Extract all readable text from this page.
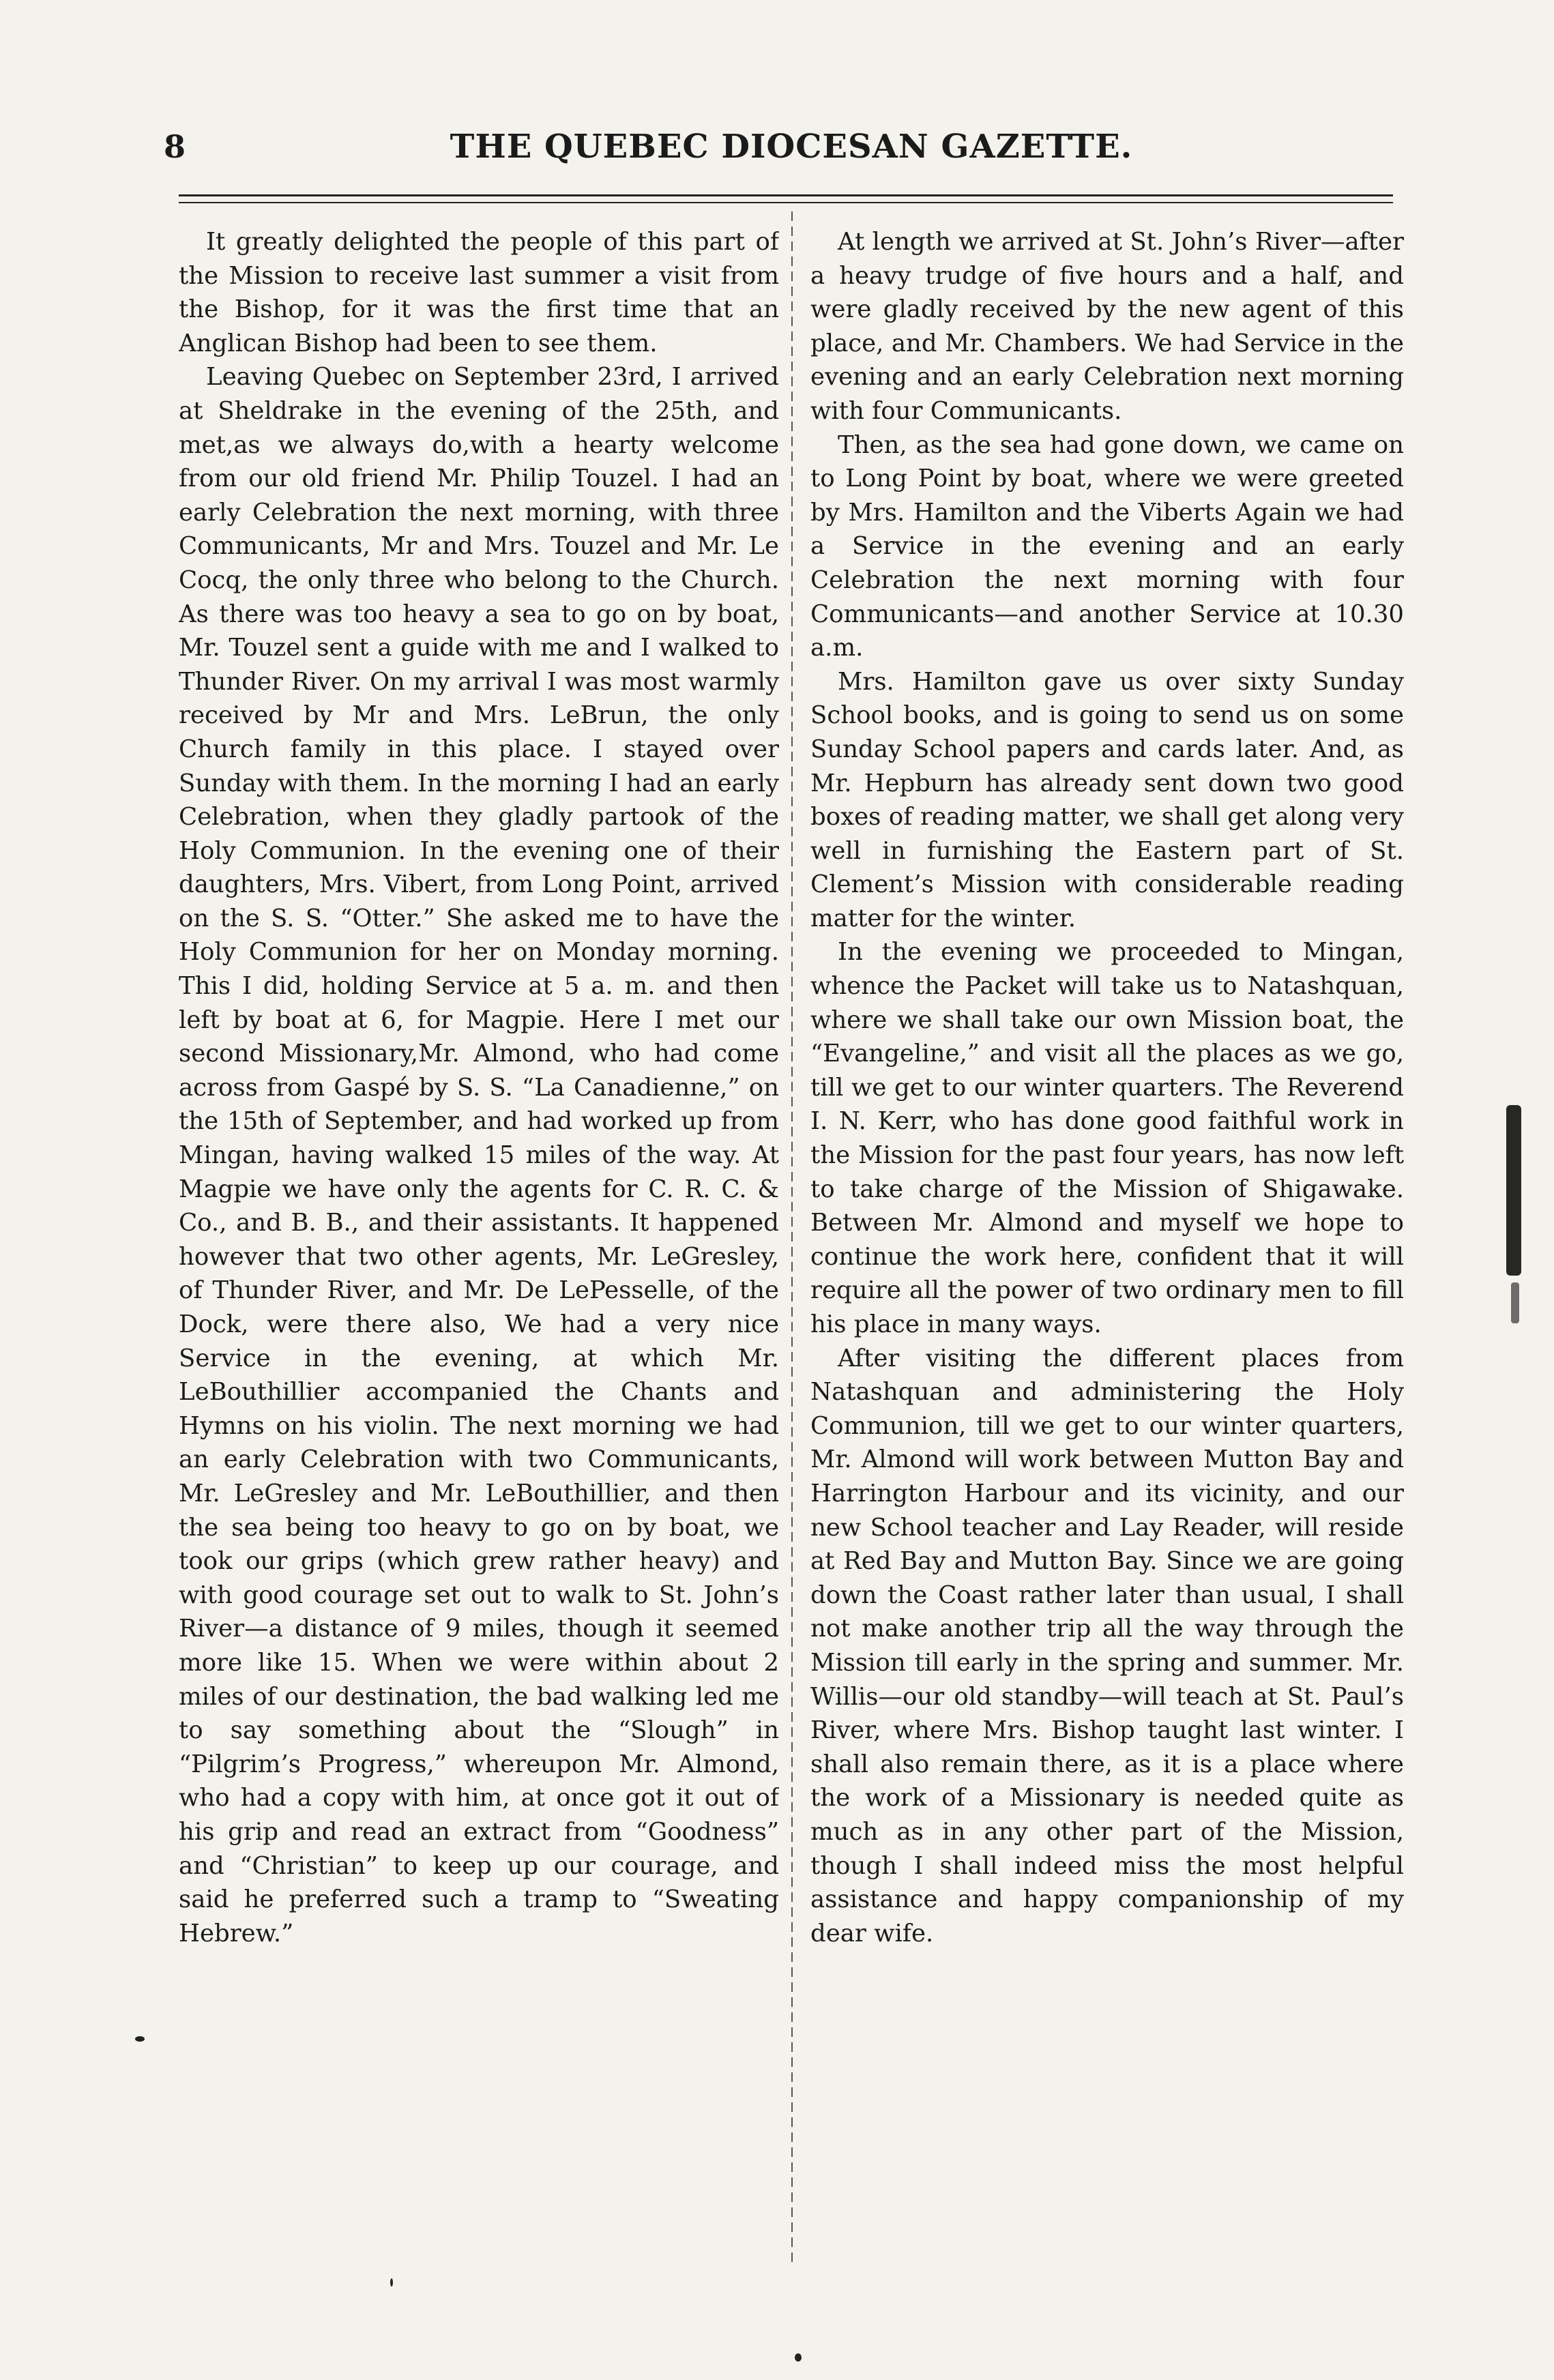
8	THE QUEBEC DIOCESAN GAZETTE.

It greatly delighted the people of this part of the Mission to receive last summer a visit from the Bishop, for it was the first time that an Anglican Bishop had been to see them.

Leaving Quebec on September 23rd, I arrived at Sheldrake in the evening of the 25th, and met,as we always do,with a hearty welcome from our old friend Mr. Philip Touzel. I had an early Celebration the next morning, with three Communicants, Mr and Mrs. Touzel and Mr. Le Cocq, the only three who belong to the Church. As there was too heavy a sea to go on by boat, Mr. Touzel sent a guide with me and I walked to Thunder River. On my arrival I was most warmly received by Mr and Mrs. LeBrun, the only Church family in this place. I stayed over Sunday with them. In the morning I had an early Celebration, when they gladly partook of the Holy Communion. In the evening one of their daughters, Mrs. Vibert, from Long Point, arrived on the S. S. “Otter.” She asked me to have the Holy Communion for her on Monday morning. This I did, holding Service at 5 a. m. and then left by boat at 6, for Magpie. Here I met our second Missionary,Mr. Almond, who had come across from Gaspé by S. S. “La Canadienne,” on the 15th of September, and had worked up from Mingan, having walked 15 miles of the way. At Magpie we have only the agents for C. R. C. & Co., and B. B., and their assistants. It happened however that two other agents, Mr. LeGresley, of Thunder River, and Mr. De LePesselle, of the Dock, were there also, We had a very nice Service in the evening, at which Mr. LeBouthillier accompanied the Chants and Hymns on his violin. The next morning we had an early Celebration with two Communicants, Mr. LeGresley and Mr. LeBouthillier, and then the sea being too heavy to go on by boat, we took our grips (which grew rather heavy) and with good courage set out to walk to St. John’s River—a distance of 9 miles, though it seemed more like 15. When we were within about 2 miles of our destination, the bad walking led me to say something about the “Slough” in “Pilgrim’s Progress,” whereupon Mr. Almond, who had a copy with him, at once got it out of his grip and read an extract from “Goodness” and “Christian” to keep up our courage, and said he preferred such a tramp to “Sweating Hebrew.”

At length we arrived at St. John’s River—after a heavy trudge of five hours and a half, and were gladly received by the new agent of this place, and Mr. Chambers. We had Service in the evening and an early Celebration next morning with four Communicants.

Then, as the sea had gone down, we came on to Long Point by boat, where we were greeted by Mrs. Hamilton and the Viberts Again we had a Service in the evening and an early Celebration the next morning with four Communicants—and another Service at 10.30 a.m.

Mrs. Hamilton gave us over sixty Sunday School books, and is going to send us on some Sunday School papers and cards later. And, as Mr. Hepburn has already sent down two good boxes of reading matter, we shall get along very well in furnishing the Eastern part of St. Clement’s Mission with considerable reading matter for the winter.

In the evening we proceeded to Mingan, whence the Packet will take us to Natashquan, where we shall take our own Mission boat, the “Evangeline,” and visit all the places as we go, till we get to our winter quarters. The Reverend I. N. Kerr, who has done good faithful work in the Mission for the past four years, has now left to take charge of the Mission of Shigawake. Between Mr. Almond and myself we hope to continue the work here, confident that it will require all the power of two ordinary men to fill his place in many ways.

After visiting the different places from Natashquan and administering the Holy Communion, till we get to our winter quarters, Mr. Almond will work between Mutton Bay and Harrington Harbour and its vicinity, and our new School teacher and Lay Reader, will reside at Red Bay and Mutton Bay. Since we are going down the Coast rather later than usual, I shall not make another trip all the way through the Mission till early in the spring and summer. Mr. Willis—our old standby—will teach at St. Paul’s River, where Mrs. Bishop taught last winter. I shall also remain there, as it is a place where the work of a Missionary is needed quite as much as in any other part of the Mission, though I shall indeed miss the most helpful assistance and happy companionship of my dear wife.
